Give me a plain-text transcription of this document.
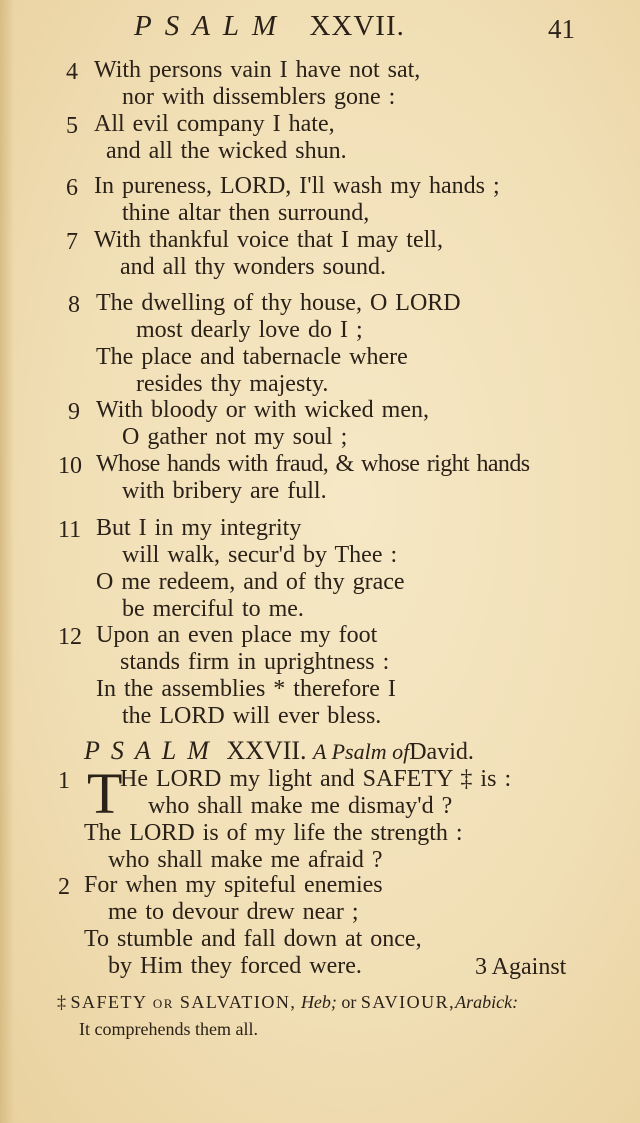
PSALM XXVII.	41
4 With persons vain I have not sat,
nor with dissemblers gone :
5 All evil company I hate,
and all the wicked shun.
6 In pureness, LORD, I'll wash my hands ;
thine altar then surround,
7 With thankful voice that I may tell,
and all thy wonders sound.
8 The dwelling of thy house, O LORD
most dearly love do I ;
The place and tabernacle where
resides thy majesty.
9 With bloody or with wicked men,
O gather not my soul ;
10 Whose hands with fraud, & whose right hands
with bribery are full.
11 But I in my integrity
will walk, secur'd by Thee :
O me redeem, and of thy grace
be merciful to me.
12 Upon an even place my foot
stands firm in uprightness :
In the assemblies * therefore I
the LORD will ever bless.
PSALM XXVII. A Psalm ofDavid.
1 T
He LORD my light and SAFETY ‡ is :
who shall make me dismay'd ?
The LORD is of my life the strength :
who shall make me afraid ?
2 For when my spiteful enemies
me to devour drew near ;
To stumble and fall down at once,
by Him they forced were.	3 Against
‡ SAFETY or SALVATION, Heb; or SAVIOUR,Arabick:
It comprehends them all.
